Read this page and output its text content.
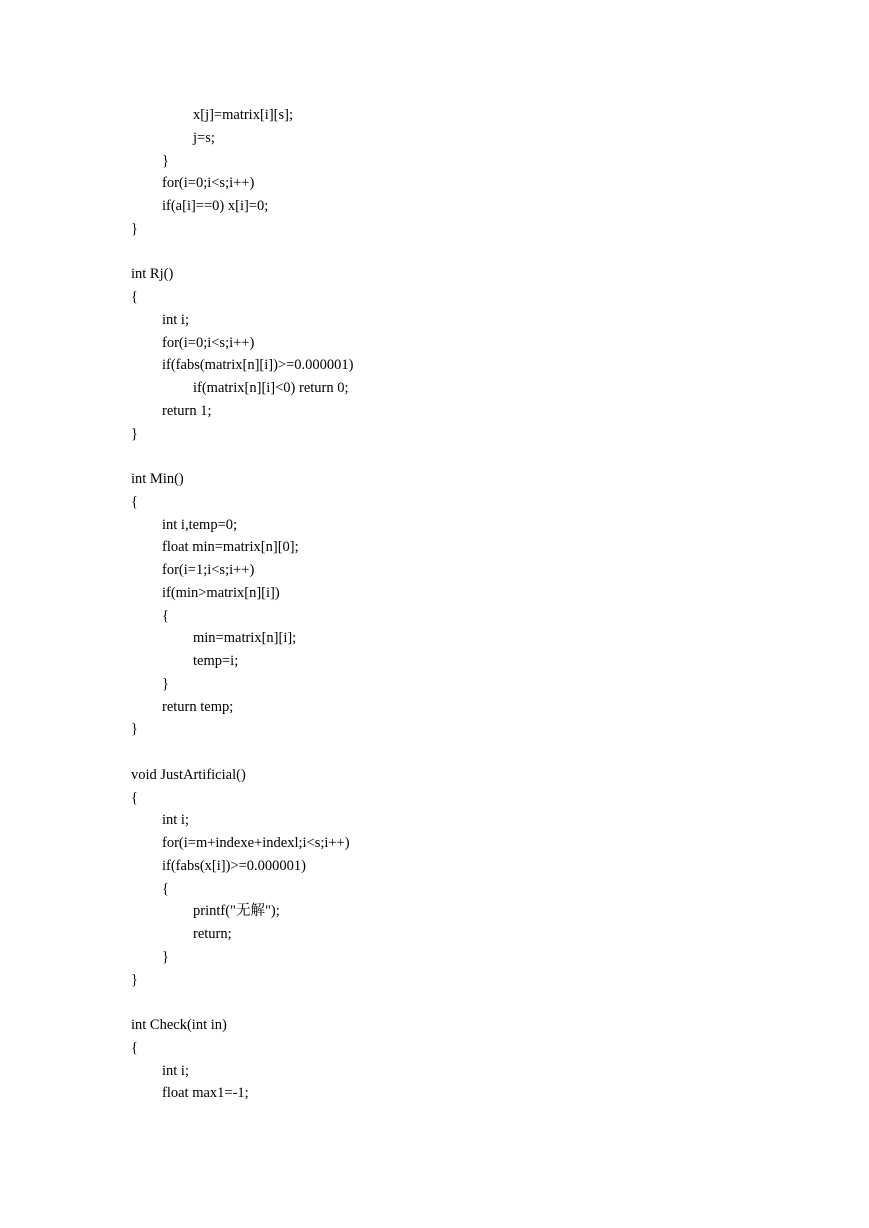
x[j]=matrix[i][s];
j=s;
}
for(i=0;i<s;i++)
if(a[i]==0) x[i]=0;
}
int Rj()
{
int i;
for(i=0;i<s;i++)
if(fabs(matrix[n][i])>=0.000001)
if(matrix[n][i]<0) return 0;
return 1;
}
int Min()
{
int i,temp=0;
float min=matrix[n][0];
for(i=1;i<s;i++)
if(min>matrix[n][i])
{
min=matrix[n][i];
temp=i;
}
return temp;
}
void JustArtificial()
{
int i;
for(i=m+indexe+indexl;i<s;i++)
if(fabs(x[i])>=0.000001)
{
printf("无解");
return;
}
}
int Check(int in)
{
int i;
float max1=-1;
